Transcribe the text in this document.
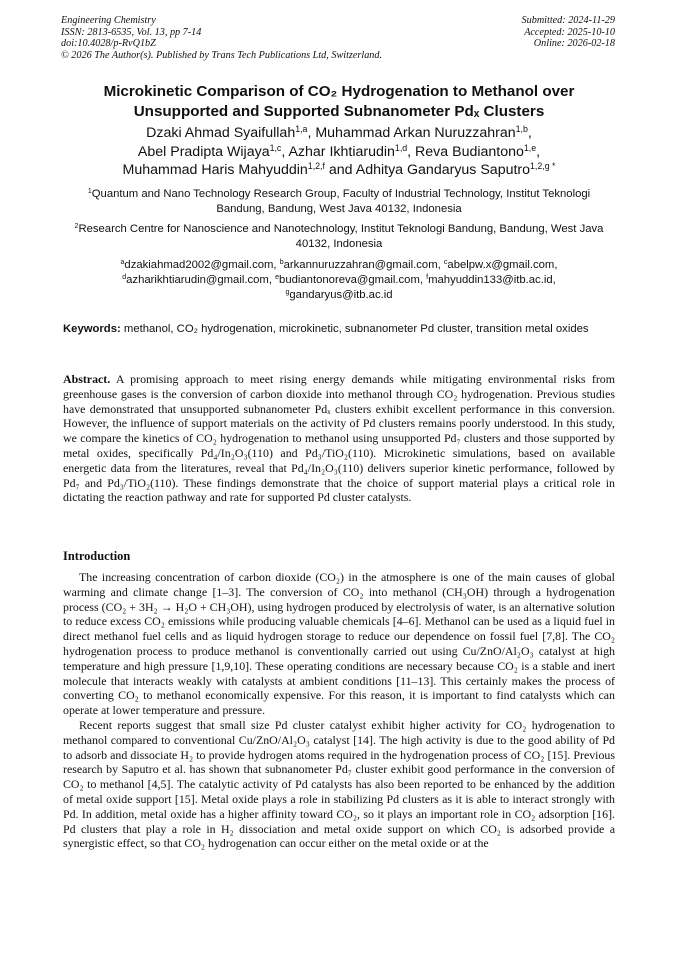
Engineering Chemistry
ISSN: 2813-6535, Vol. 13, pp 7-14
doi:10.4028/p-RvQ1bZ
© 2026 The Author(s). Published by Trans Tech Publications Ltd, Switzerland.
Submitted: 2024-11-29
Accepted: 2025-10-10
Online: 2026-02-18
Microkinetic Comparison of CO₂ Hydrogenation to Methanol over
Unsupported and Supported Subnanometer Pdₓ Clusters
Dzaki Ahmad Syaifullah$^{1,a}$, Muhammad Arkan Nuruzzahran$^{1,b}$,
Abel Pradipta Wijaya$^{1,c}$, Azhar Ikhtiarudin$^{1,d}$, Reva Budiantono$^{1,e}$,
Muhammad Haris Mahyuddin$^{1,2,f}$ and Adhitya Gandaryus Saputro$^{1,2,g *}$
$^1$Quantum and Nano Technology Research Group, Faculty of Industrial Technology, Institut Teknologi Bandung, Bandung, West Java 40132, Indonesia
$^2$Research Centre for Nanoscience and Nanotechnology, Institut Teknologi Bandung, Bandung, West Java 40132, Indonesia
$^a$dzakiahmad2002@gmail.com, $^b$arkannuruzzahran@gmail.com, $^c$abelpw.x@gmail.com,
$^d$azharikhtiarudin@gmail.com, $^e$budiantonoreva@gmail.com, $^f$mahyuddin133@itb.ac.id,
$^g$gandaryus@itb.ac.id
Keywords: methanol, CO₂ hydrogenation, microkinetic, subnanometer Pd cluster, transition metal oxides
Abstract. A promising approach to meet rising energy demands while mitigating environmental risks from greenhouse gases is the conversion of carbon dioxide into methanol through CO₂ hydrogenation. Previous studies have demonstrated that unsupported subnanometer Pdₓ clusters exhibit excellent performance in this conversion. However, the influence of support materials on the activity of Pd clusters remains poorly understood. In this study, we compare the kinetics of CO₂ hydrogenation to methanol using unsupported Pd₇ clusters and those supported by metal oxides, specifically Pd₄/In₂O₃(110) and Pd₃/TiO₂(110). Microkinetic simulations, based on available energetic data from the literatures, reveal that Pd₄/In₂O₃(110) delivers superior kinetic performance, followed by Pd₇ and Pd₃/TiO₂(110). These findings demonstrate that the choice of support material plays a critical role in dictating the reaction pathway and rate for supported Pd cluster catalysts.
Introduction

The increasing concentration of carbon dioxide (CO₂) in the atmosphere is one of the main causes of global warming and climate change [1–3]. The conversion of CO₂ into methanol (CH₃OH) through a hydrogenation process (CO₂ + 3H₂ → H₂O + CH₃OH), using hydrogen produced by electrolysis of water, is an alternative solution to reduce excess CO₂ emissions while producing valuable chemicals [4–6]. Methanol can be used as a liquid fuel in direct methanol fuel cells and as liquid hydrogen storage to reduce our dependence on fossil fuel [7,8]. The CO₂ hydrogenation process to produce methanol is conventionally carried out using Cu/ZnO/Al₂O₃ catalyst at high temperature and high pressure [1,9,10]. These operating conditions are necessary because CO₂ is a stable and inert molecule that interacts weakly with catalysts at ambient conditions [11–13]. This certainly makes the process of converting CO₂ to methanol economically expensive. For this reason, it is important to find catalysts which can operate at lower temperature and pressure.

Recent reports suggest that small size Pd cluster catalyst exhibit higher activity for CO₂ hydrogenation to methanol compared to conventional Cu/ZnO/Al₂O₃ catalyst [14]. The high activity is due to the good ability of Pd to adsorb and dissociate H₂ to provide hydrogen atoms required in the hydrogenation process of CO₂ [15]. Previous research by Saputro et al. has shown that subnanometer Pd₇ cluster exhibit good performance in the conversion of CO₂ to methanol [4,5]. The catalytic activity of Pd catalysts has also been reported to be enhanced by the addition of metal oxide support [15]. Metal oxide plays a role in stabilizing Pd clusters as it is able to interact strongly with Pd. In addition, metal oxide has a higher affinity toward CO₂, so it plays an important role in CO₂ adsorption [16]. Pd clusters that play a role in H₂ dissociation and metal oxide support on which CO₂ is adsorbed provide a synergistic effect, so that CO₂ hydrogenation can occur either on the metal oxide or at the
